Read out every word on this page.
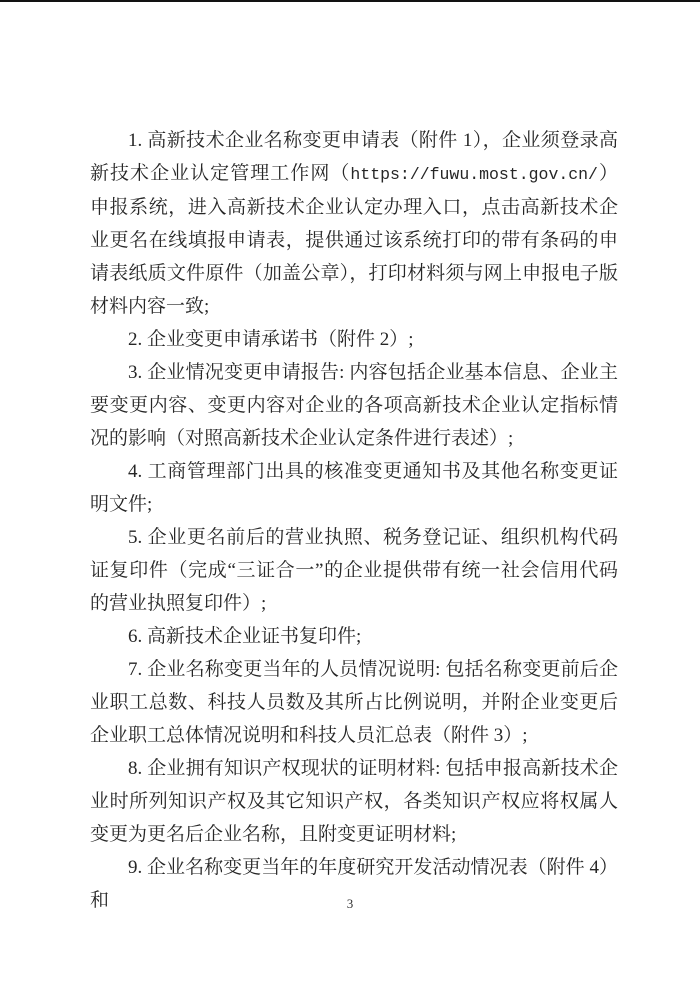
1. 高新技术企业名称变更申请表（附件 1），企业须登录高新技术企业认定管理工作网（https://fuwu.most.gov.cn/）申报系统，进入高新技术企业认定办理入口，点击高新技术企业更名在线填报申请表，提供通过该系统打印的带有条码的申请表纸质文件原件（加盖公章），打印材料须与网上申报电子版材料内容一致;

2. 企业变更申请承诺书（附件 2）;

3. 企业情况变更申请报告: 内容包括企业基本信息、企业主要变更内容、变更内容对企业的各项高新技术企业认定指标情况的影响（对照高新技术企业认定条件进行表述）;

4. 工商管理部门出具的核准变更通知书及其他名称变更证明文件;

5. 企业更名前后的营业执照、税务登记证、组织机构代码证复印件（完成“三证合一”的企业提供带有统一社会信用代码的营业执照复印件）;

6. 高新技术企业证书复印件;

7. 企业名称变更当年的人员情况说明: 包括名称变更前后企业职工总数、科技人员数及其所占比例说明，并附企业变更后企业职工总体情况说明和科技人员汇总表（附件 3）;

8. 企业拥有知识产权现状的证明材料: 包括申报高新技术企业时所列知识产权及其它知识产权，各类知识产权应将权属人变更为更名后企业名称，且附变更证明材料;

9. 企业名称变更当年的年度研究开发活动情况表（附件 4）和	3
